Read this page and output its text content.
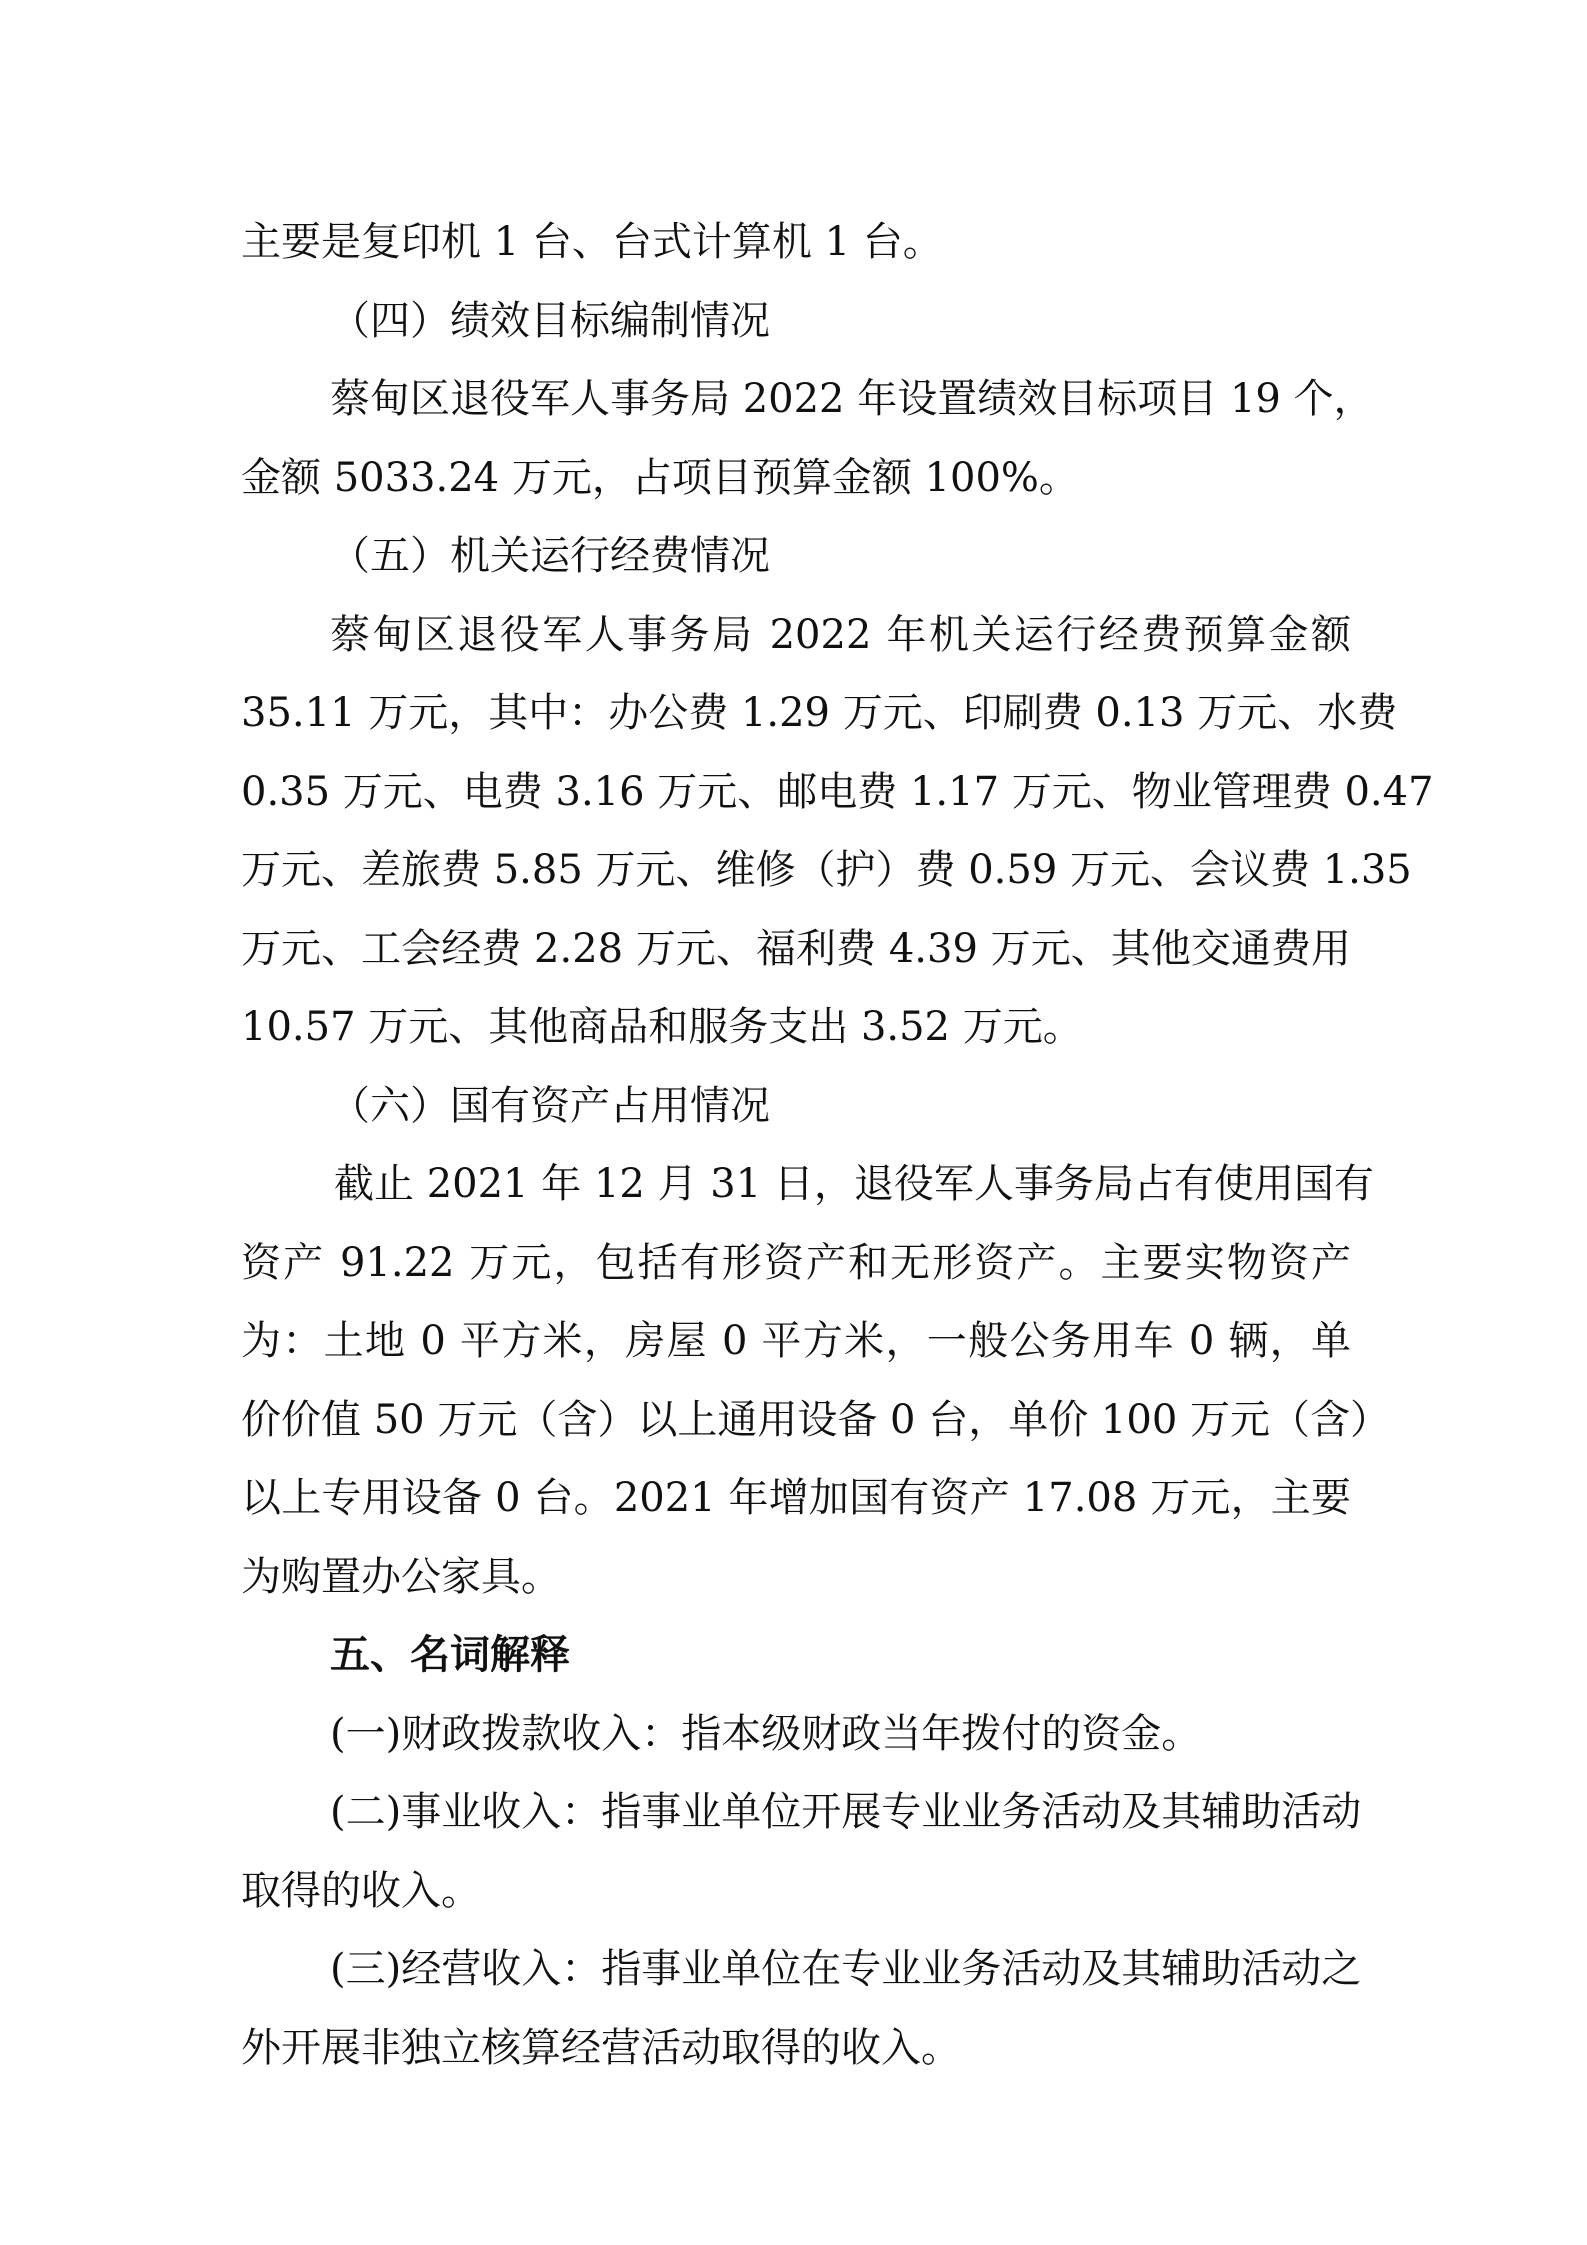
主要是复印机 1 台、台式计算机 1 台。
（四）绩效目标编制情况
蔡甸区退役军人事务局 2022 年设置绩效目标项目 19 个，
金额 5033.24 万元，占项目预算金额 100%。
（五）机关运行经费情况
蔡甸区退役军人事务局 2022 年机关运行经费预算金额
35.11 万元，其中：办公费 1.29 万元、印刷费 0.13 万元、水费
0.35 万元、电费 3.16 万元、邮电费 1.17 万元、物业管理费 0.47
万元、差旅费 5.85 万元、维修（护）费 0.59 万元、会议费 1.35
万元、工会经费 2.28 万元、福利费 4.39 万元、其他交通费用
10.57 万元、其他商品和服务支出 3.52 万元。
（六）国有资产占用情况
截止 2021 年 12 月 31 日，退役军人事务局占有使用国有
资产 91.22 万元，包括有形资产和无形资产。主要实物资产
为：土地 0 平方米，房屋 0 平方米，一般公务用车 0 辆，单
价价值 50 万元（含）以上通用设备 0 台，单价 100 万元（含）
以上专用设备 0 台。2021 年增加国有资产 17.08 万元，主要
为购置办公家具。
五、名词解释
(一)财政拨款收入：指本级财政当年拨付的资金。
(二)事业收入：指事业单位开展专业业务活动及其辅助活动
取得的收入。
(三)经营收入：指事业单位在专业业务活动及其辅助活动之
外开展非独立核算经营活动取得的收入。
